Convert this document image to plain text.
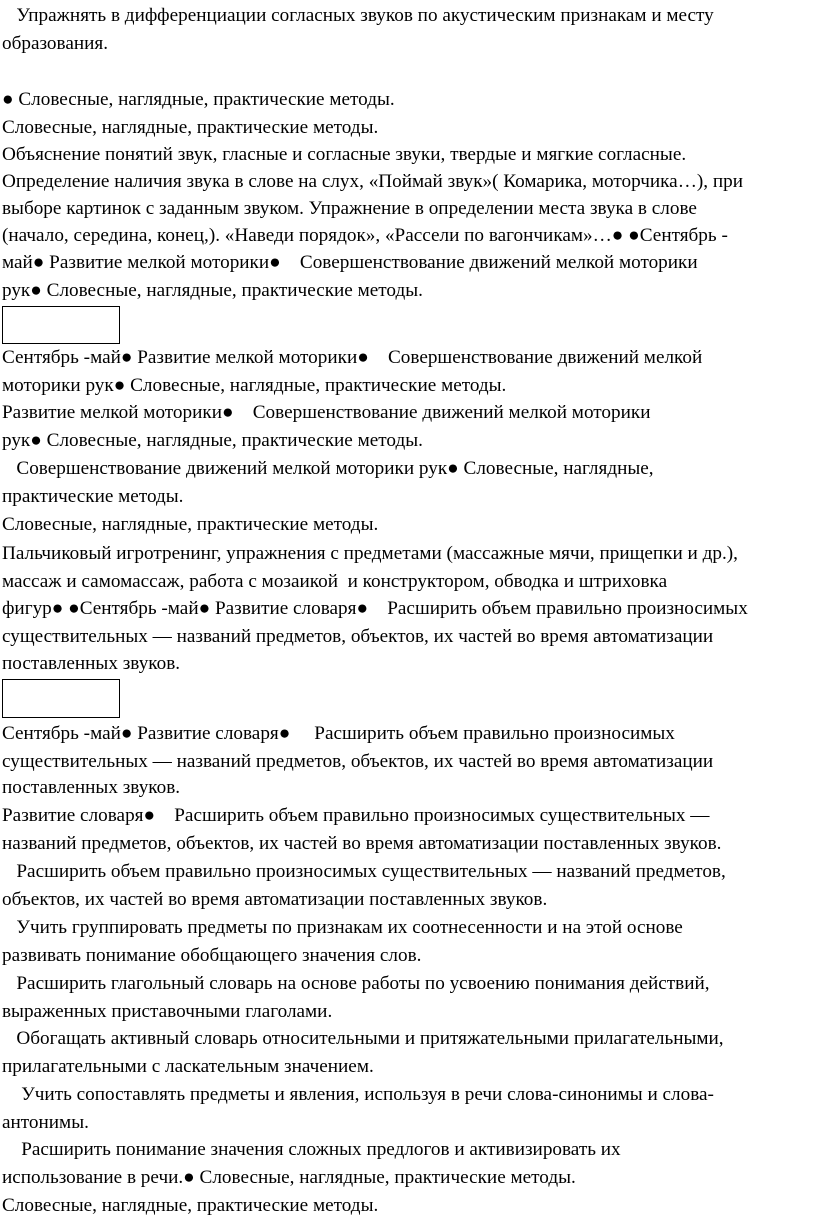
Упражнять в дифференциации согласных звуков по акустическим признакам и месту
образования.
● Словесные, наглядные, практические методы.
Словесные, наглядные, практические методы.
Объяснение понятий звук, гласные и согласные звуки, твердые и мягкие согласные.
Определение наличия звука в слове на слух, «Поймай звук»( Комарика, моторчика…), при
выборе картинок с заданным звуком. Упражнение в определении места звука в слове
(начало, середина, конец,). «Наведи порядок», «Рассели по вагончикам»…● ●Сентябрь -
май● Развитие мелкой моторики●    Совершенствование движений мелкой моторики
рук● Словесные, наглядные, практические методы.
Сентябрь -май● Развитие мелкой моторики●    Совершенствование движений мелкой
моторики рук● Словесные, наглядные, практические методы.
Развитие мелкой моторики●    Совершенствование движений мелкой моторики
рук● Словесные, наглядные, практические методы.
Совершенствование движений мелкой моторики рук● Словесные, наглядные,
практические методы.
Словесные, наглядные, практические методы.
Пальчиковый игротренинг, упражнения с предметами (массажные мячи, прищепки и др.),
массаж и самомассаж, работа с мозаикой  и конструктором, обводка и штриховка
фигур● ●Сентябрь -май● Развитие словаря●    Расширить объем правильно произносимых
существительных — названий предметов, объектов, их частей во время автоматизации
поставленных звуков.
Сентябрь -май● Развитие словаря●     Расширить объем правильно произносимых
существительных — названий предметов, объектов, их частей во время автоматизации
поставленных звуков.
Развитие словаря●    Расширить объем правильно произносимых существительных —
названий предметов, объектов, их частей во время автоматизации поставленных звуков.
Расширить объем правильно произносимых существительных — названий предметов,
объектов, их частей во время автоматизации поставленных звуков.
Учить группировать предметы по признакам их соотнесенности и на этой основе
развивать понимание обобщающего значения слов.
Расширить глагольный словарь на основе работы по усвоению понимания действий,
выраженных приставочными глаголами.
Обогащать активный словарь относительными и притяжательными прилагательными,
прилагательными с ласкательным значением.
Учить сопоставлять предметы и явления, используя в речи слова-синонимы и слова-
антонимы.
Расширить понимание значения сложных предлогов и активизировать их
использование в речи.● Словесные, наглядные, практические методы.
Словесные, наглядные, практические методы.
